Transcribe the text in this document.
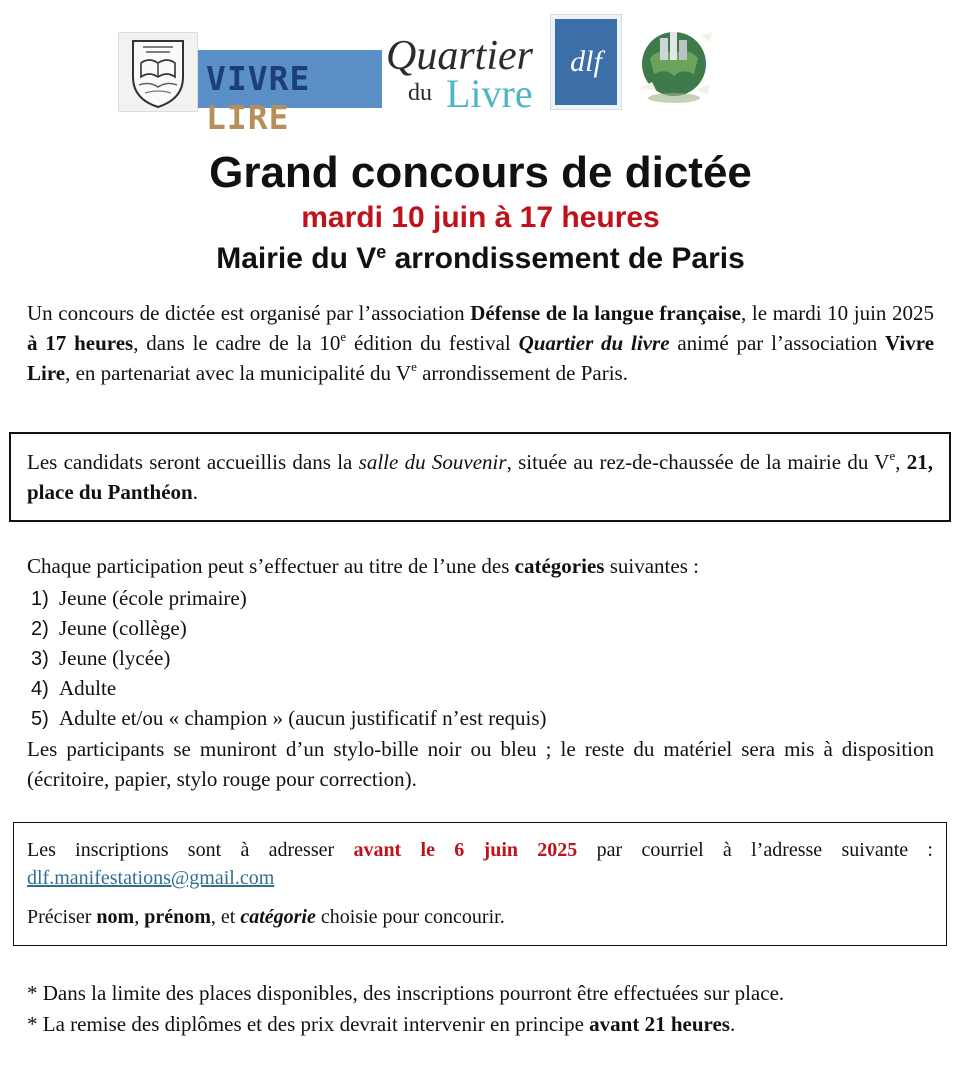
VIVRE LIRE
Quartier
du Livre
dlf
Grand concours de dictée
mardi 10 juin à 17 heures
Mairie du Ve arrondissement de Paris
Un concours de dictée est organisé par l’association Défense de la langue française, le mardi 10 juin 2025 à 17 heures, dans le cadre de la 10e édition du festival Quartier du livre animé par l’association Vivre Lire, en partenariat avec la municipalité du Ve arrondissement de Paris.
Les candidats seront accueillis dans la salle du Souvenir, située au rez-de-chaussée de la mairie du Ve, 21, place du Panthéon.
Chaque participation peut s’effectuer au titre de l’une des catégories suivantes :
1) Jeune (école primaire)
2) Jeune (collège)
3) Jeune (lycée)
4) Adulte
5) Adulte et/ou « champion » (aucun justificatif n’est requis)
Les participants se muniront d’un stylo-bille noir ou bleu ; le reste du matériel sera mis à disposition (écritoire, papier, stylo rouge pour correction).
Les inscriptions sont à adresser avant le 6 juin 2025 par courriel à l’adresse suivante : dlf.manifestations@gmail.com
Préciser nom, prénom, et catégorie choisie pour concourir.
* Dans la limite des places disponibles, des inscriptions pourront être effectuées sur place.
* La remise des diplômes et des prix devrait intervenir en principe avant 21 heures.
